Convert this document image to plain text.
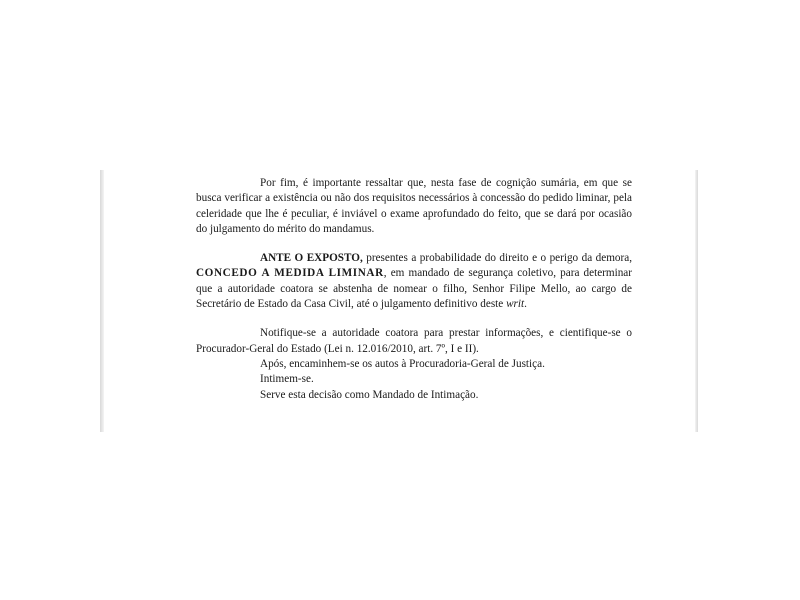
Por fim, é importante ressaltar que, nesta fase de cognição sumária, em que se busca verificar a existência ou não dos requisitos necessários à concessão do pedido liminar, pela celeridade que lhe é peculiar, é inviável o exame aprofundado do feito, que se dará por ocasião do julgamento do mérito do mandamus.

ANTE O EXPOSTO, presentes a probabilidade do direito e o perigo da demora, CONCEDO A MEDIDA LIMINAR, em mandado de segurança coletivo, para determinar que a autoridade coatora se abstenha de nomear o filho, Senhor Filipe Mello, ao cargo de Secretário de Estado da Casa Civil, até o julgamento definitivo deste writ.

Notifique-se a autoridade coatora para prestar informações, e cientifique-se o Procurador-Geral do Estado (Lei n. 12.016/2010, art. 7º, I e II).

Após, encaminhem-se os autos à Procuradoria-Geral de Justiça.

Intimem-se.

Serve esta decisão como Mandado de Intimação.
